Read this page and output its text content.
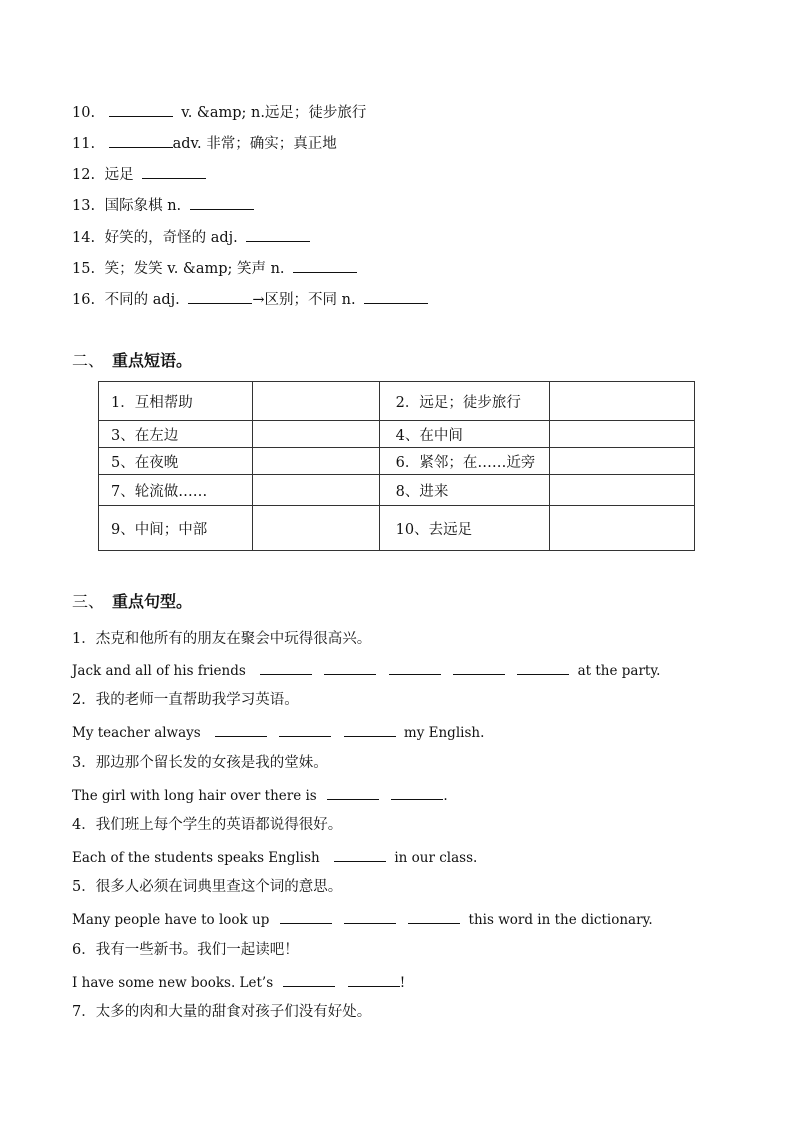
10.	v. &amp; n.远足；徒步旅行
11.	adv. 非常；确实；真正地
12. 远足
13. 国际象棋 n.
14. 好笑的，奇怪的 adj.
15. 笑；发笑 v. &amp; 笑声 n.
16. 不同的 adj.	→区别；不同 n.
二、 重点短语。
1．互相帮助		2．远足；徒步旅行	
3、在左边		4、在中间	
5、在夜晚		6．紧邻；在……近旁	
7、轮流做……		8、进来	
9、中间；中部		10、去远足	
三、 重点句型。
1．杰克和他所有的朋友在聚会中玩得很高兴。
Jack and all of his friends	at the party.
2．我的老师一直帮助我学习英语。
My teacher always	my English.
3．那边那个留长发的女孩是我的堂妹。
The girl with long hair over there is	.
4．我们班上每个学生的英语都说得很好。
Each of the students speaks English	in our class.
5．很多人必须在词典里查这个词的意思。
Many people have to look up	this word in the dictionary.
6．我有一些新书。我们一起读吧！
I have some new books. Let’s	!
7．太多的肉和大量的甜食对孩子们没有好处。
